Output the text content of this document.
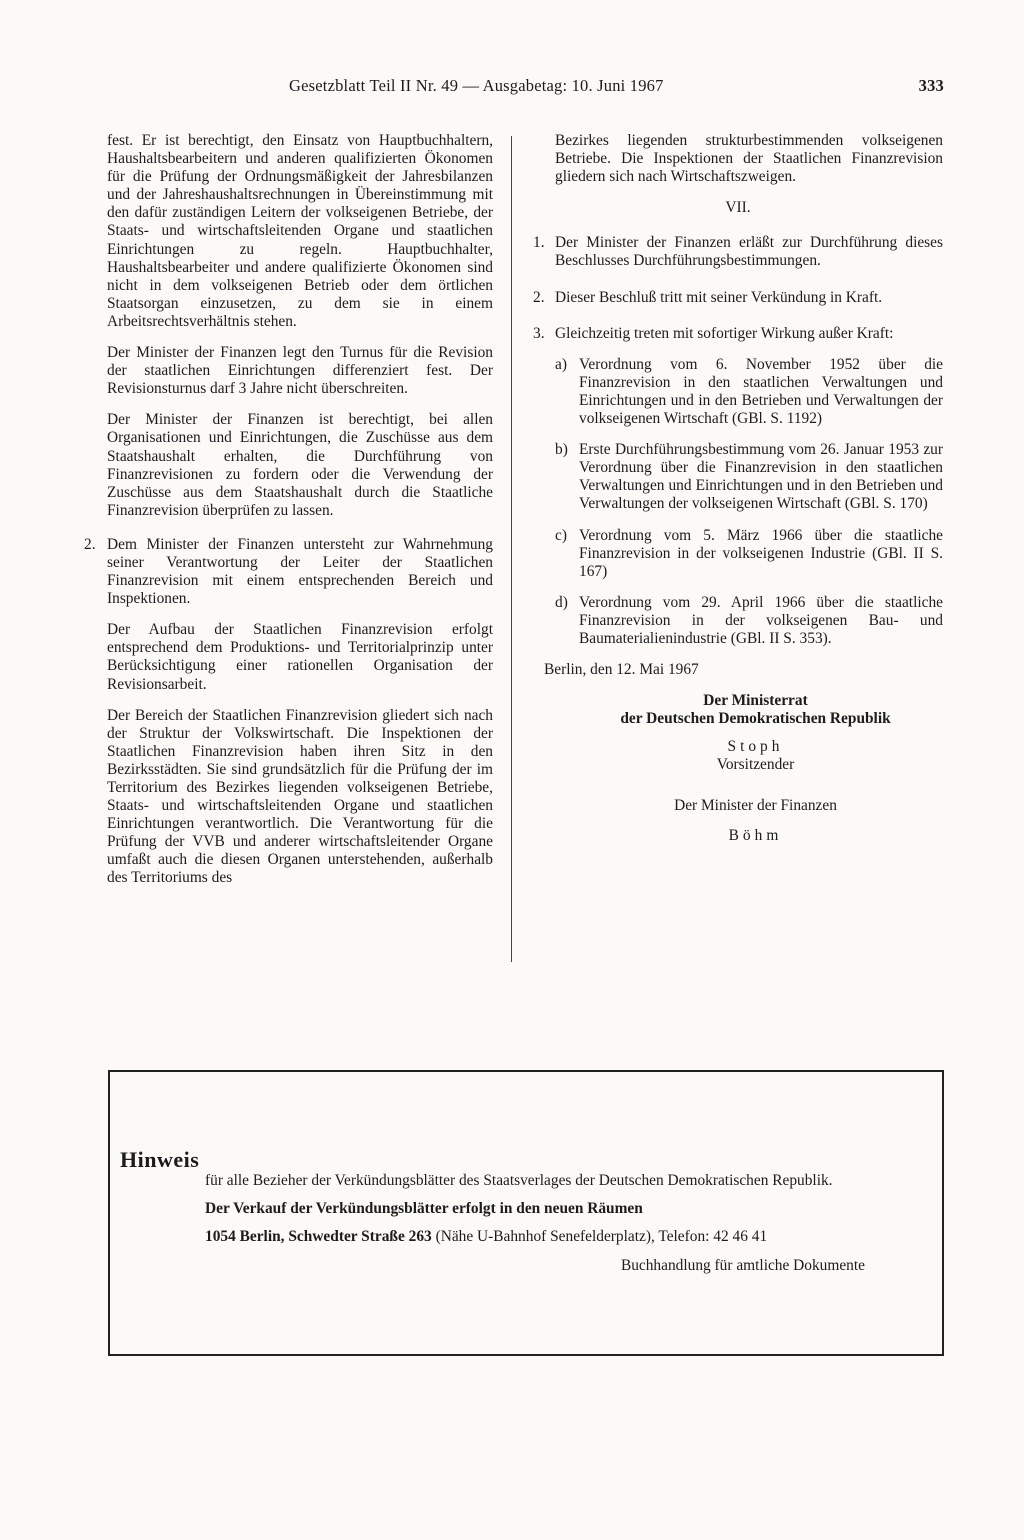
Gesetzblatt Teil II Nr. 49 — Ausgabetag: 10. Juni 1967	333

fest. Er ist berechtigt, den Einsatz von Hauptbuchhaltern, Haushaltsbearbeitern und anderen qualifizierten Ökonomen für die Prüfung der Ordnungsmäßigkeit der Jahresbilanzen und der Jahreshaushaltsrechnungen in Übereinstimmung mit den dafür zuständigen Leitern der volkseigenen Betriebe, der Staats- und wirtschaftsleitenden Organe und staatlichen Einrichtungen zu regeln. Hauptbuchhalter, Haushaltsbearbeiter und andere qualifizierte Ökonomen sind nicht in dem volkseigenen Betrieb oder dem örtlichen Staatsorgan einzusetzen, zu dem sie in einem Arbeitsrechtsverhältnis stehen.

Der Minister der Finanzen legt den Turnus für die Revision der staatlichen Einrichtungen differenziert fest. Der Revisionsturnus darf 3 Jahre nicht überschreiten.

Der Minister der Finanzen ist berechtigt, bei allen Organisationen und Einrichtungen, die Zuschüsse aus dem Staatshaushalt erhalten, die Durchführung von Finanzrevisionen zu fordern oder die Verwendung der Zuschüsse aus dem Staatshaushalt durch die Staatliche Finanzrevision überprüfen zu lassen.

2. Dem Minister der Finanzen untersteht zur Wahrnehmung seiner Verantwortung der Leiter der Staatlichen Finanzrevision mit einem entsprechenden Bereich und Inspektionen.

Der Aufbau der Staatlichen Finanzrevision erfolgt entsprechend dem Produktions- und Territorialprinzip unter Berücksichtigung einer rationellen Organisation der Revisionsarbeit.

Der Bereich der Staatlichen Finanzrevision gliedert sich nach der Struktur der Volkswirtschaft. Die Inspektionen der Staatlichen Finanzrevision haben ihren Sitz in den Bezirksstädten. Sie sind grundsätzlich für die Prüfung der im Territorium des Bezirkes liegenden volkseigenen Betriebe, Staats- und wirtschaftsleitenden Organe und staatlichen Einrichtungen verantwortlich. Die Verantwortung für die Prüfung der VVB und anderer wirtschaftsleitender Organe umfaßt auch die diesen Organen unterstehenden, außerhalb des Territoriums des

Bezirkes liegenden strukturbestimmenden volkseigenen Betriebe. Die Inspektionen der Staatlichen Finanzrevision gliedern sich nach Wirtschaftszweigen.

VII.
1. Der Minister der Finanzen erläßt zur Durchführung dieses Beschlusses Durchführungsbestimmungen.
2. Dieser Beschluß tritt mit seiner Verkündung in Kraft.
3. Gleichzeitig treten mit sofortiger Wirkung außer Kraft:
a) Verordnung vom 6. November 1952 über die Finanzrevision in den staatlichen Verwaltungen und Einrichtungen und in den Betrieben und Verwaltungen der volkseigenen Wirtschaft (GBl. S. 1192)
b) Erste Durchführungsbestimmung vom 26. Januar 1953 zur Verordnung über die Finanzrevision in den staatlichen Verwaltungen und Einrichtungen und in den Betrieben und Verwaltungen der volkseigenen Wirtschaft (GBl. S. 170)
c) Verordnung vom 5. März 1966 über die staatliche Finanzrevision in der volkseigenen Industrie (GBl. II S. 167)
d) Verordnung vom 29. April 1966 über die staatliche Finanzrevision in der volkseigenen Bau- und Baumaterialienindustrie (GBl. II S. 353).

Berlin, den 12. Mai 1967

Der Ministerrat
der Deutschen Demokratischen Republik
Stoph
Vorsitzender
Der Minister der Finanzen
Böhm
Hinweis
für alle Bezieher der Verkündungsblätter des Staatsverlages der Deutschen Demokratischen Republik.
Der Verkauf der Verkündungsblätter erfolgt in den neuen Räumen
1054 Berlin, Schwedter Straße 263 (Nähe U-Bahnhof Senefelderplatz), Telefon: 42 46 41
Buchhandlung für amtliche Dokumente
